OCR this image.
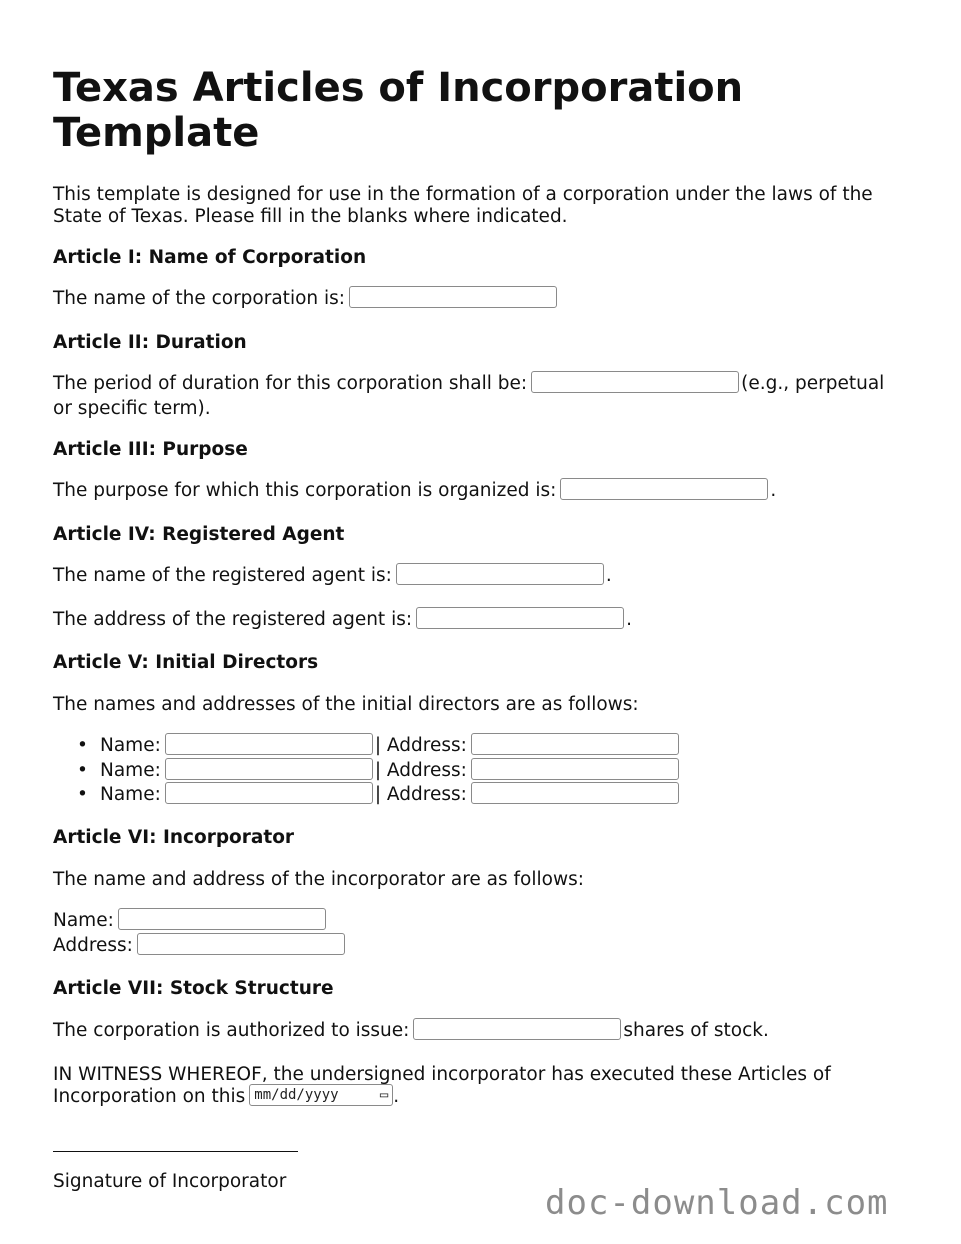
Texas Articles of Incorporation Template
This template is designed for use in the formation of a corporation under the laws of the State of Texas. Please fill in the blanks where indicated.
Article I: Name of Corporation
The name of the corporation is:
Article II: Duration
The period of duration for this corporation shall be:	(e.g., perpetual
or specific term).
Article III: Purpose
The purpose for which this corporation is organized is:	.
Article IV: Registered Agent
The name of the registered agent is:	.
The address of the registered agent is:	.
Article V: Initial Directors
The names and addresses of the initial directors are as follows:
• Name:	| Address:
• Name:	| Address:
• Name:	| Address:
Article VI: Incorporator
The name and address of the incorporator are as follows:
Name:
Address:
Article VII: Stock Structure
The corporation is authorized to issue:	shares of stock.
IN WITNESS WHEREOF, the undersigned incorporator has executed these Articles of
Incorporation on this mm/dd/yyyy	▭ .
Signature of Incorporator
doc-download.com
